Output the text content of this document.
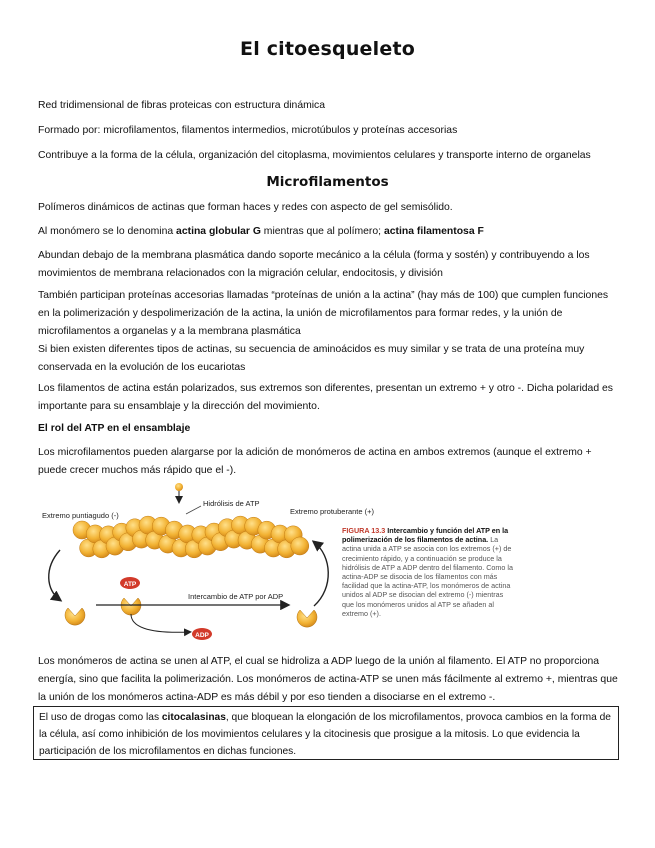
El citoesqueleto

Red tridimensional de fibras proteicas con estructura dinámica

Formado por: microfilamentos, filamentos intermedios, microtúbulos y proteínas accesorias

Contribuye a la forma de la célula, organización del citoplasma, movimientos celulares y transporte interno de organelas

Microfilamentos

Polímeros dinámicos de actinas que forman haces y redes con aspecto de gel semisólido.

Al monómero se lo denomina actina globular G mientras que al polímero; actina filamentosa F

Abundan debajo de la membrana plasmática dando soporte mecánico a la célula (forma y sostén) y contribuyendo a los movimientos de membrana relacionados con la migración celular, endocitosis, y división

También participan proteínas accesorias llamadas “proteínas de unión a la actina” (hay más de 100) que cumplen funciones en la polimerización y despolimerización de la actina, la unión de microfilamentos para formar redes, y la unión de microfilamentos a organelas y a la membrana plasmática

Si bien existen diferentes tipos de actinas, su secuencia de aminoácidos es muy similar y se trata de una proteína muy conservada en la evolución de los eucariotas

Los filamentos de actina están polarizados, sus extremos son diferentes, presentan un extremo + y otro -. Dicha polaridad es importante para su ensamblaje y la dirección del movimiento.

El rol del ATP en el ensamblaje

Los microfilamentos pueden alargarse por la adición de monómeros de actina en ambos extremos (aunque el extremo + puede crecer muchos más rápido que el -).

Hidrólisis de ATP
Extremo puntiagudo (-)	Extremo protuberante (+)
Intercambio de ATP por ADP
ATP
ADP
FIGURA 13.3 Intercambio y función del ATP en la polimerización de los filamentos de actina. La actina unida a ATP se asocia con los extremos (+) de crecimiento rápido, y a continuación se produce la hidrólisis de ATP a ADP dentro del filamento. Como la actina-ADP se disocia de los filamentos con más facilidad que la actina-ATP, los monómeros de actina unidos al ADP se disocian del extremo (-) mientras que los monómeros unidos al ATP se añaden al extremo (+).

Los monómeros de actina se unen al ATP, el cual se hidroliza a ADP luego de la unión al filamento. El ATP no proporciona energía, sino que facilita la polimerización. Los monómeros de actina-ATP se unen más fácilmente al extremo +, mientras que la unión de los monómeros actina-ADP es más débil y por eso tienden a disociarse en el extremo -.

El uso de drogas como las citocalasinas, que bloquean la elongación de los microfilamentos, provoca cambios en la forma de la célula, así como inhibición de los movimientos celulares y la citocinesis que prosigue a la mitosis. Lo que evidencia la participación de los microfilamentos en dichas funciones.
